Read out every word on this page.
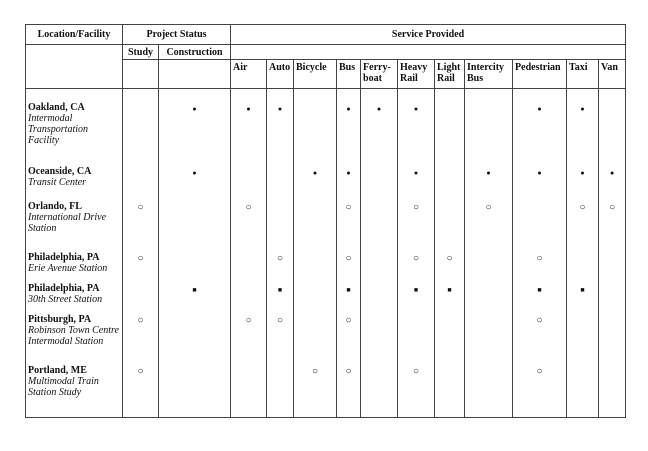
Location/Facility	Project Status		Service Provided										
	Study	Construction											
			Air	Auto	Bicycle	Bus	Ferry-boat	Heavy Rail	Light Rail	Intercity Bus	Pedestrian	Taxi	Van

Oakland, CA
Intermodal Transportation Facility
		●	●	●		●	●	●			●	●	

Oceanside, CA
Transit Center
		●			●	●		●		●	●	●	●

Orlando, FL
International Drive Station
	○		○			○		○		○		○	○

Philadelphia, PA
Erie Avenue Station
	○			○		○		○	○		○		

Philadelphia, PA
30th Street Station
		■		■		■		■	■		■	■	

Pittsburgh, PA
Robinson Town Centre Intermodal Station
	○		○	○		○					○		

Portland, ME
Multimodal Train Station Study
	○				○	○		○			○		
